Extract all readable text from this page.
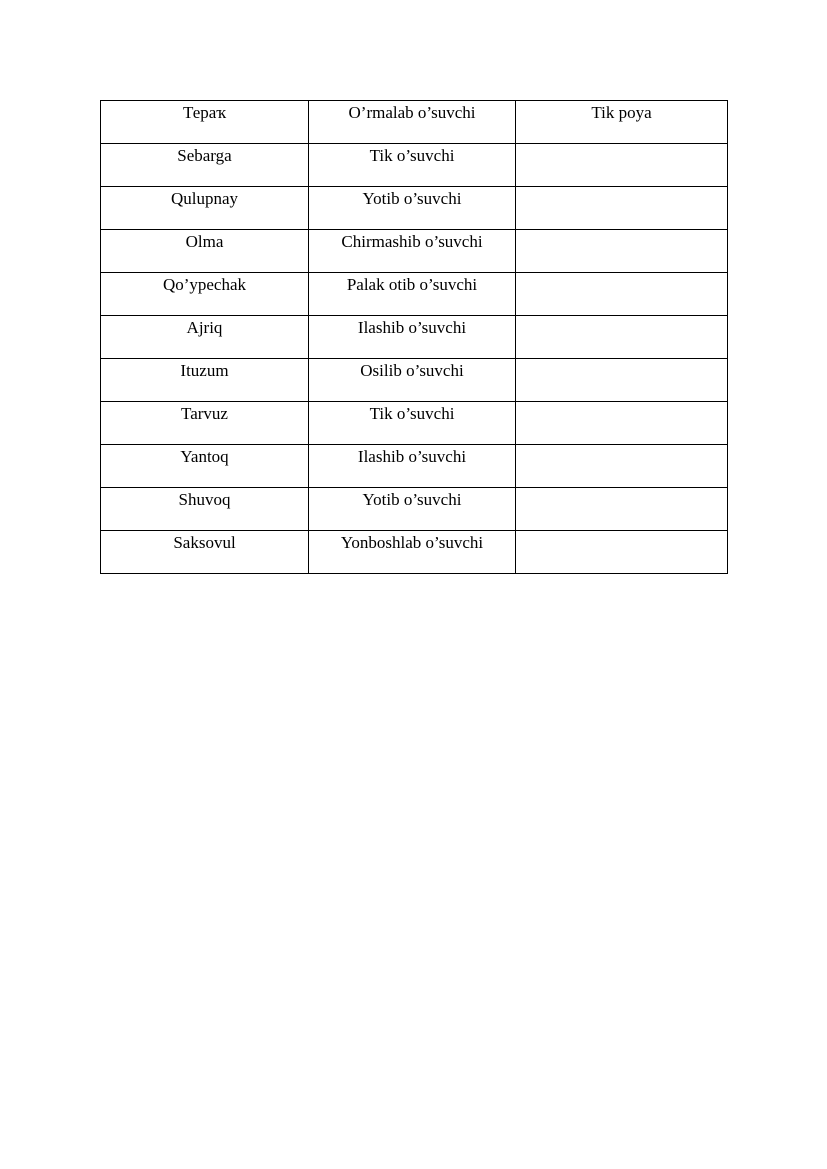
Тераҡ	O’rmalab o’suvchi	Tik poya

Sebarga	Tik o’suvchi	

Qulupnay	Yotib o’suvchi	

Olma	Chirmashib o’suvchi	

Qo’ypechak	Palak otib o’suvchi	

Ajriq	Ilashib o’suvchi	

Ituzum	Osilib o’suvchi	

Tarvuz	Tik o’suvchi	

Yantoq	Ilashib o’suvchi	

Shuvoq	Yotib o’suvchi	

Saksovul	Yonboshlab o’suvchi	
